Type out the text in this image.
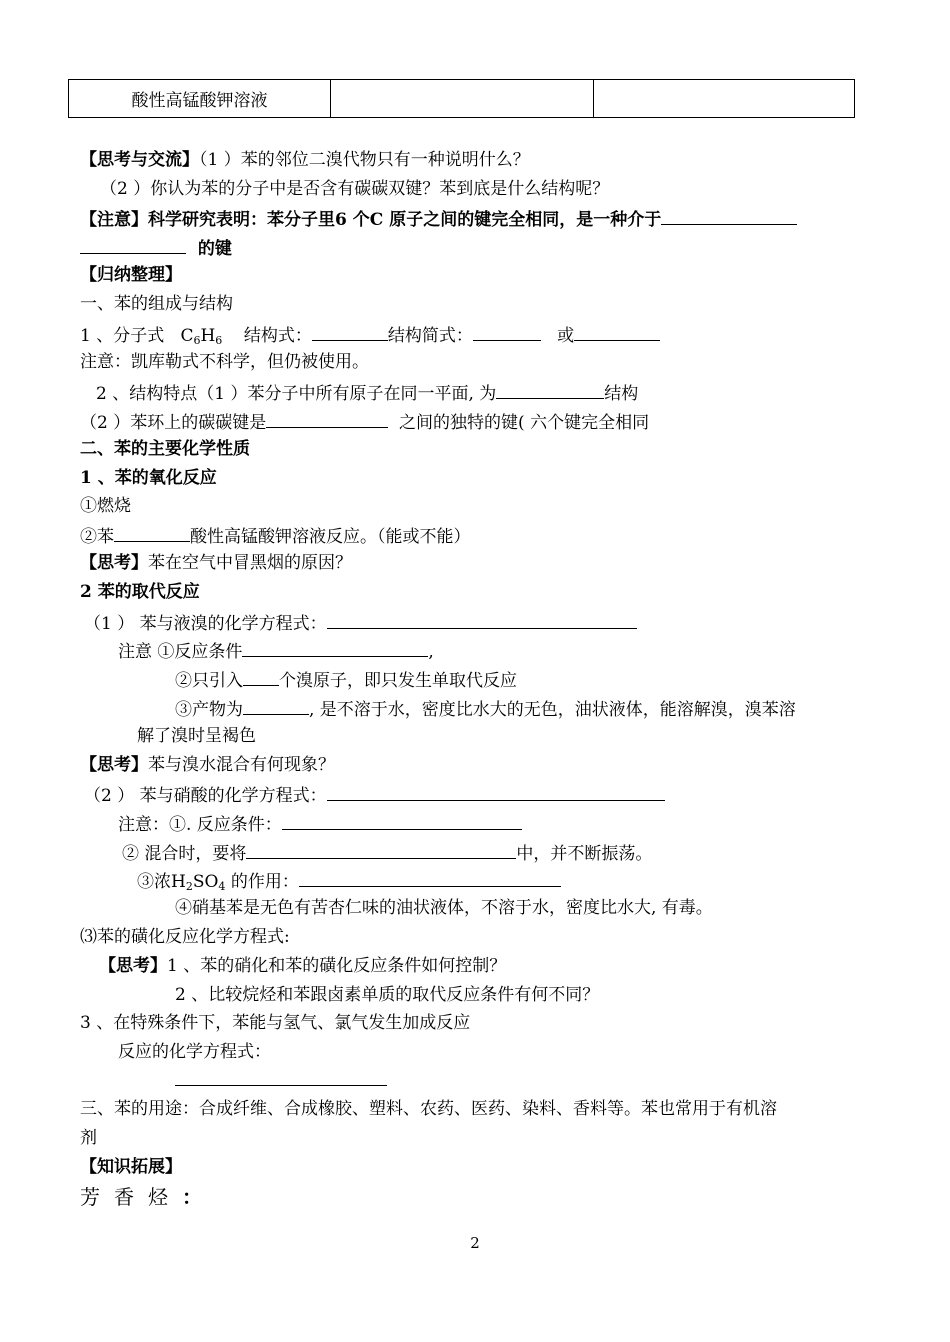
酸性高锰酸钾溶液		
【思考与交流】（1 ）苯的邻位二溴代物只有一种说明什么？
（2 ）你认为苯的分子中是否含有碳碳双键？苯到底是什么结构呢？
【注意】科学研究表明：苯分子里6 个C 原子之间的键完全相同，是一种介于
的键
【归纳整理】
一、苯的组成与结构
1 、分子式 $C_6H_6$ 结构式：	结构简式：	或
注意：凯库勒式不科学，但仍被使用。
2 、结构特点（1 ）苯分子中所有原子在同一平面, 为	结构
（2 ）苯环上的碳碳键是	之间的独特的键( 六个键完全相同
二、苯的主要化学性质
1 、苯的氧化反应
①燃烧
②苯	酸性高锰酸钾溶液反应。（能或不能）
【思考】苯在空气中冒黑烟的原因？
2 苯的取代反应
（1 ） 苯与液溴的化学方程式：
注意 ①反应条件	,
②只引入 个溴原子，即只发生单取代反应
③产物为	, 是不溶于水，密度比水大的无色，油状液体，能溶解溴，溴苯溶
解了溴时呈褐色
【思考】苯与溴水混合有何现象？
（2 ） 苯与硝酸的化学方程式：
注意：①. 反应条件：
② 混合时，要将	中，并不断振荡。
③浓$H_2SO_4$ 的作用：
④硝基苯是无色有苦杏仁味的油状液体，不溶于水，密度比水大, 有毒。
⑶苯的磺化反应化学方程式:
【思考】1 、苯的硝化和苯的磺化反应条件如何控制？
2 、比较烷烃和苯跟卤素单质的取代反应条件有何不同？
3 、在特殊条件下，苯能与氢气、氯气发生加成反应
反应的化学方程式：
三、苯的用途：合成纤维、合成橡胶、塑料、农药、医药、染料、香料等。苯也常用于有机溶
剂
【知识拓展】
芳香烃：
2
